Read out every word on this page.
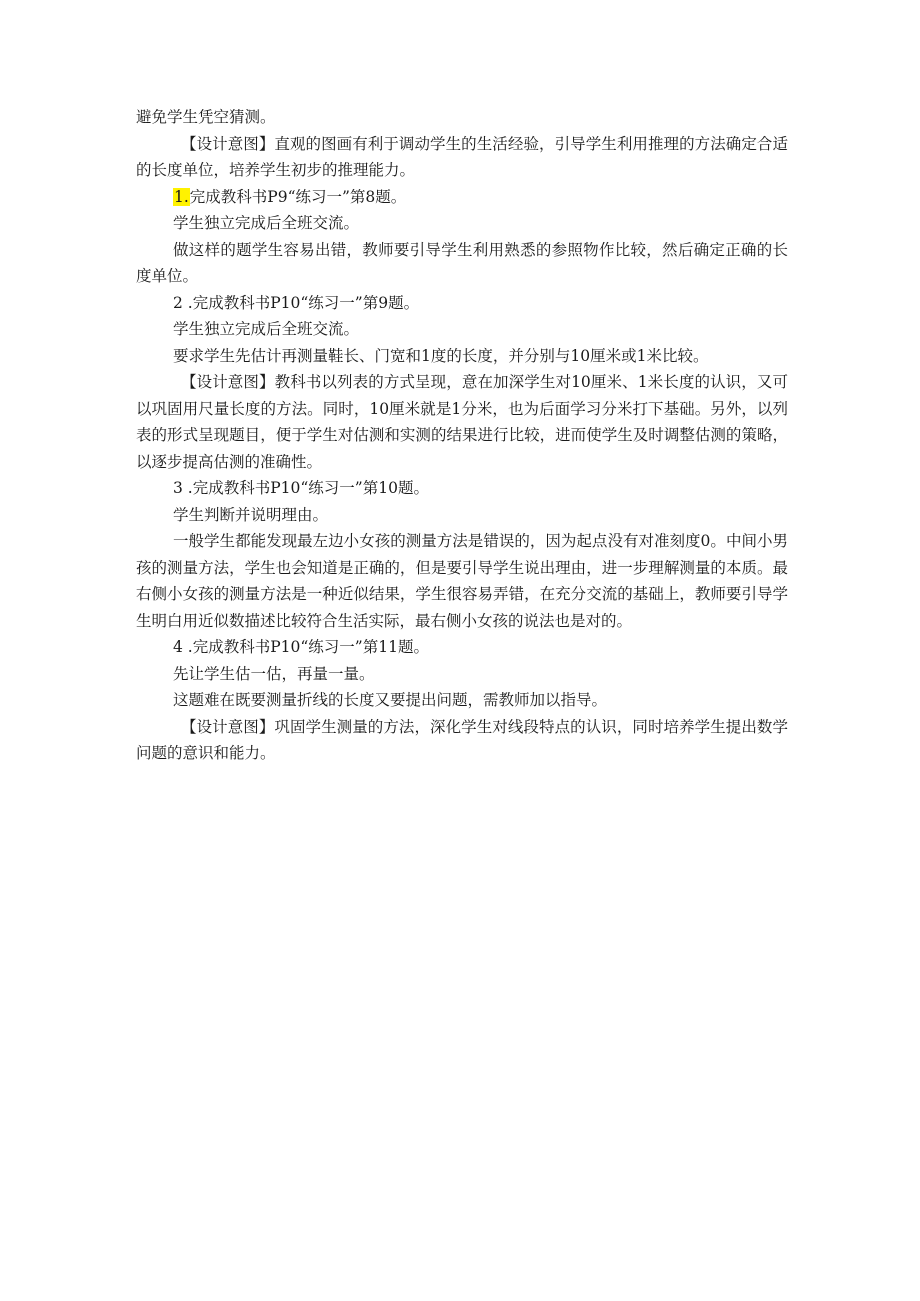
避免学生凭空猜测。

【设计意图】直观的图画有利于调动学生的生活经验，引导学生利用推理的方法确定合适的长度单位，培养学生初步的推理能力。

1.完成教科书P9“练习一”第8题。

学生独立完成后全班交流。

做这样的题学生容易出错，教师要引导学生利用熟悉的参照物作比较，然后确定正确的长度单位。

2 .完成教科书P10“练习一”第9题。

学生独立完成后全班交流。

要求学生先估计再测量鞋长、门宽和1度的长度，并分别与10厘米或1米比较。

【设计意图】教科书以列表的方式呈现，意在加深学生对10厘米、1米长度的认识，又可以巩固用尺量长度的方法。同时，10厘米就是1分米，也为后面学习分米打下基础。另外，以列表的形式呈现题目，便于学生对估测和实测的结果进行比较，进而使学生及时调整估测的策略，以逐步提高估测的准确性。

3 .完成教科书P10“练习一”第10题。

学生判断并说明理由。

一般学生都能发现最左边小女孩的测量方法是错误的，因为起点没有对准刻度0。中间小男孩的测量方法，学生也会知道是正确的，但是要引导学生说出理由，进一步理解测量的本质。最右侧小女孩的测量方法是一种近似结果，学生很容易弄错，在充分交流的基础上，教师要引导学生明白用近似数描述比较符合生活实际，最右侧小女孩的说法也是对的。

4 .完成教科书P10“练习一”第11题。

先让学生估一估，再量一量。

这题难在既要测量折线的长度又要提出问题，需教师加以指导。

【设计意图】巩固学生测量的方法，深化学生对线段特点的认识，同时培养学生提出数学问题的意识和能力。
